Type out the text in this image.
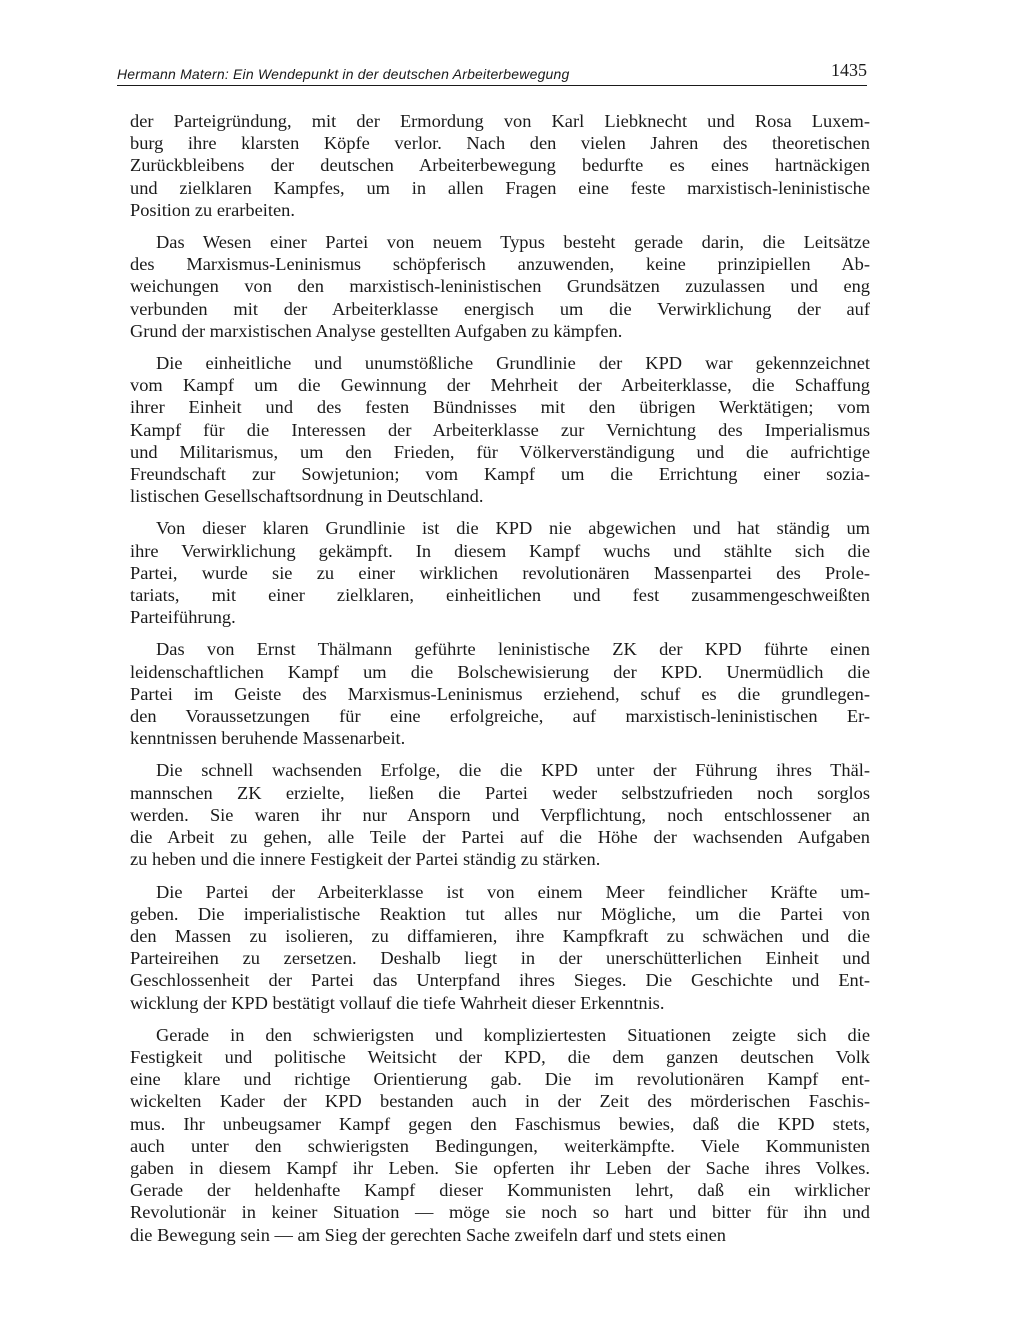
Hermann Matern: Ein Wendepunkt in der deutschen Arbeiterbewegung	1435
der Parteigründung, mit der Ermordung von Karl Liebknecht und Rosa Luxem-
burg ihre klarsten Köpfe verlor. Nach den vielen Jahren des theoretischen
Zurückbleibens der deutschen Arbeiterbewegung bedurfte es eines hartnäckigen
und zielklaren Kampfes, um in allen Fragen eine feste marxistisch-leninistische
Position zu erarbeiten.
Das Wesen einer Partei von neuem Typus besteht gerade darin, die Leitsätze
des Marxismus-Leninismus schöpferisch anzuwenden, keine prinzipiellen Ab-
weichungen von den marxistisch-leninistischen Grundsätzen zuzulassen und eng
verbunden mit der Arbeiterklasse energisch um die Verwirklichung der auf
Grund der marxistischen Analyse gestellten Aufgaben zu kämpfen.
Die einheitliche und unumstößliche Grundlinie der KPD war gekennzeichnet
vom Kampf um die Gewinnung der Mehrheit der Arbeiterklasse, die Schaffung
ihrer Einheit und des festen Bündnisses mit den übrigen Werktätigen; vom
Kampf für die Interessen der Arbeiterklasse zur Vernichtung des Imperialismus
und Militarismus, um den Frieden, für Völkerverständigung und die aufrichtige
Freundschaft zur Sowjetunion; vom Kampf um die Errichtung einer sozia-
listischen Gesellschaftsordnung in Deutschland.
Von dieser klaren Grundlinie ist die KPD nie abgewichen und hat ständig um
ihre Verwirklichung gekämpft. In diesem Kampf wuchs und stählte sich die
Partei, wurde sie zu einer wirklichen revolutionären Massenpartei des Prole-
tariats, mit einer zielklaren, einheitlichen und fest zusammengeschweißten
Parteiführung.
Das von Ernst Thälmann geführte leninistische ZK der KPD führte einen
leidenschaftlichen Kampf um die Bolschewisierung der KPD. Unermüdlich die
Partei im Geiste des Marxismus-Leninismus erziehend, schuf es die grundlegen-
den Voraussetzungen für eine erfolgreiche, auf marxistisch-leninistischen Er-
kenntnissen beruhende Massenarbeit.
Die schnell wachsenden Erfolge, die die KPD unter der Führung ihres Thäl-
mannschen ZK erzielte, ließen die Partei weder selbstzufrieden noch sorglos
werden. Sie waren ihr nur Ansporn und Verpflichtung, noch entschlossener an
die Arbeit zu gehen, alle Teile der Partei auf die Höhe der wachsenden Aufgaben
zu heben und die innere Festigkeit der Partei ständig zu stärken.
Die Partei der Arbeiterklasse ist von einem Meer feindlicher Kräfte um-
geben. Die imperialistische Reaktion tut alles nur Mögliche, um die Partei von
den Massen zu isolieren, zu diffamieren, ihre Kampfkraft zu schwächen und die
Parteireihen zu zersetzen. Deshalb liegt in der unerschütterlichen Einheit und
Geschlossenheit der Partei das Unterpfand ihres Sieges. Die Geschichte und Ent-
wicklung der KPD bestätigt vollauf die tiefe Wahrheit dieser Erkenntnis.
Gerade in den schwierigsten und kompliziertesten Situationen zeigte sich die
Festigkeit und politische Weitsicht der KPD, die dem ganzen deutschen Volk
eine klare und richtige Orientierung gab. Die im revolutionären Kampf ent-
wickelten Kader der KPD bestanden auch in der Zeit des mörderischen Faschis-
mus. Ihr unbeugsamer Kampf gegen den Faschismus bewies, daß die KPD stets,
auch unter den schwierigsten Bedingungen, weiterkämpfte. Viele Kommunisten
gaben in diesem Kampf ihr Leben. Sie opferten ihr Leben der Sache ihres Volkes.
Gerade der heldenhafte Kampf dieser Kommunisten lehrt, daß ein wirklicher
Revolutionär in keiner Situation — möge sie noch so hart und bitter für ihn und
die Bewegung sein — am Sieg der gerechten Sache zweifeln darf und stets einen
